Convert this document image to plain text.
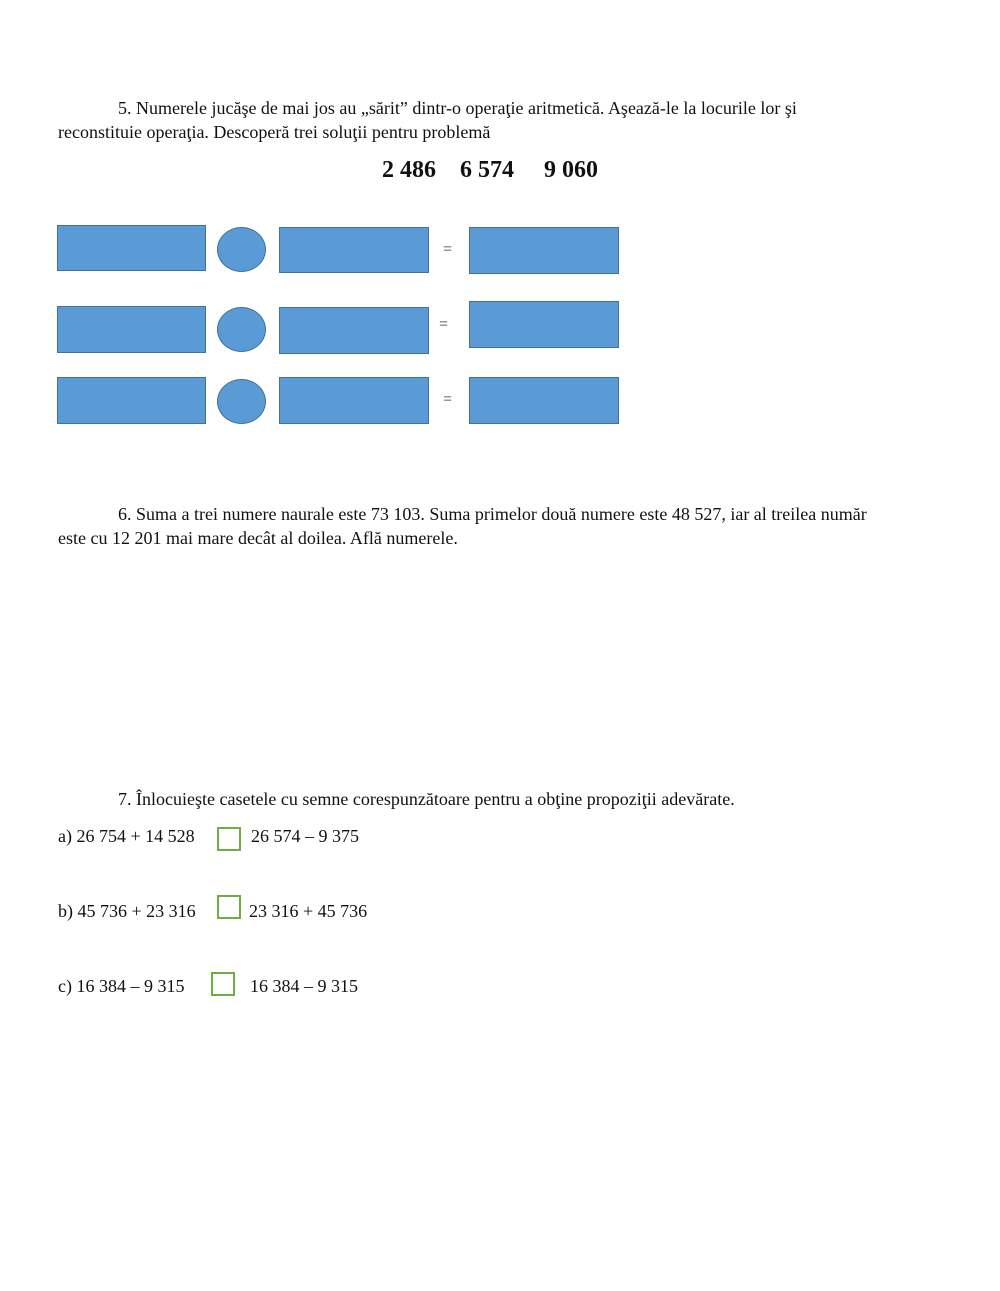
5. Numerele jucăşe de mai jos au „sărit” dintr-o operaţie aritmetică. Aşează-le la locurile lor şi
reconstituie operaţia. Descoperă trei soluţii pentru problemă

2 486    6 574     9 060
=
=
=

6. Suma a trei numere naurale este 73 103. Suma primelor două numere este 48 527, iar al treilea număr
este cu 12 201 mai mare decât al doilea. Află numerele.

7. Înlocuieşte casetele cu semne corespunzătoare pentru a obţine propoziţii adevărate.

a) 26 754 + 14 528	26 574 – 9 375
b) 45 736 + 23 316	23 316 + 45 736
c) 16 384 – 9 315	16 384 – 9 315
